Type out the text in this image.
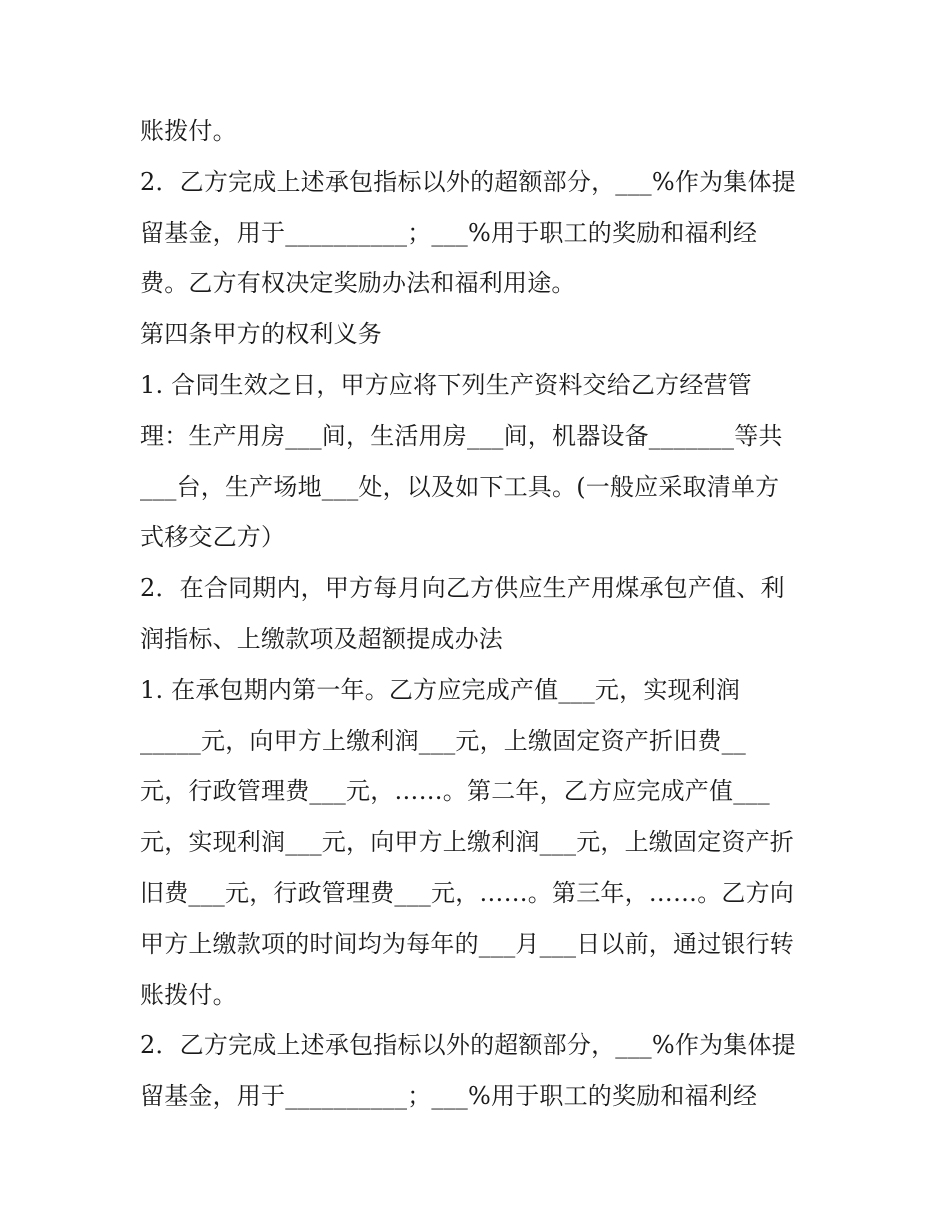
账拨付。
2．乙方完成上述承包指标以外的超额部分，___%作为集体提
留基金，用于__________；___%用于职工的奖励和福利经
费。乙方有权决定奖励办法和福利用途。
第四条甲方的权利义务
1. 合同生效之日，甲方应将下列生产资料交给乙方经营管
理：生产用房___间，生活用房___间，机器设备_______等共
___台，生产场地___处，以及如下工具。(一般应采取清单方
式移交乙方）
2．在合同期内，甲方每月向乙方供应生产用煤承包产值、利
润指标、上缴款项及超额提成办法
1. 在承包期内第一年。乙方应完成产值___元，实现利润
_____元，向甲方上缴利润___元，上缴固定资产折旧费__
元，行政管理费___元，……。第二年，乙方应完成产值___
元，实现利润___元，向甲方上缴利润___元，上缴固定资产折
旧费___元，行政管理费___元，……。第三年，……。乙方向
甲方上缴款项的时间均为每年的___月___日以前，通过银行转
账拨付。
2．乙方完成上述承包指标以外的超额部分，___%作为集体提
留基金，用于__________；___%用于职工的奖励和福利经
